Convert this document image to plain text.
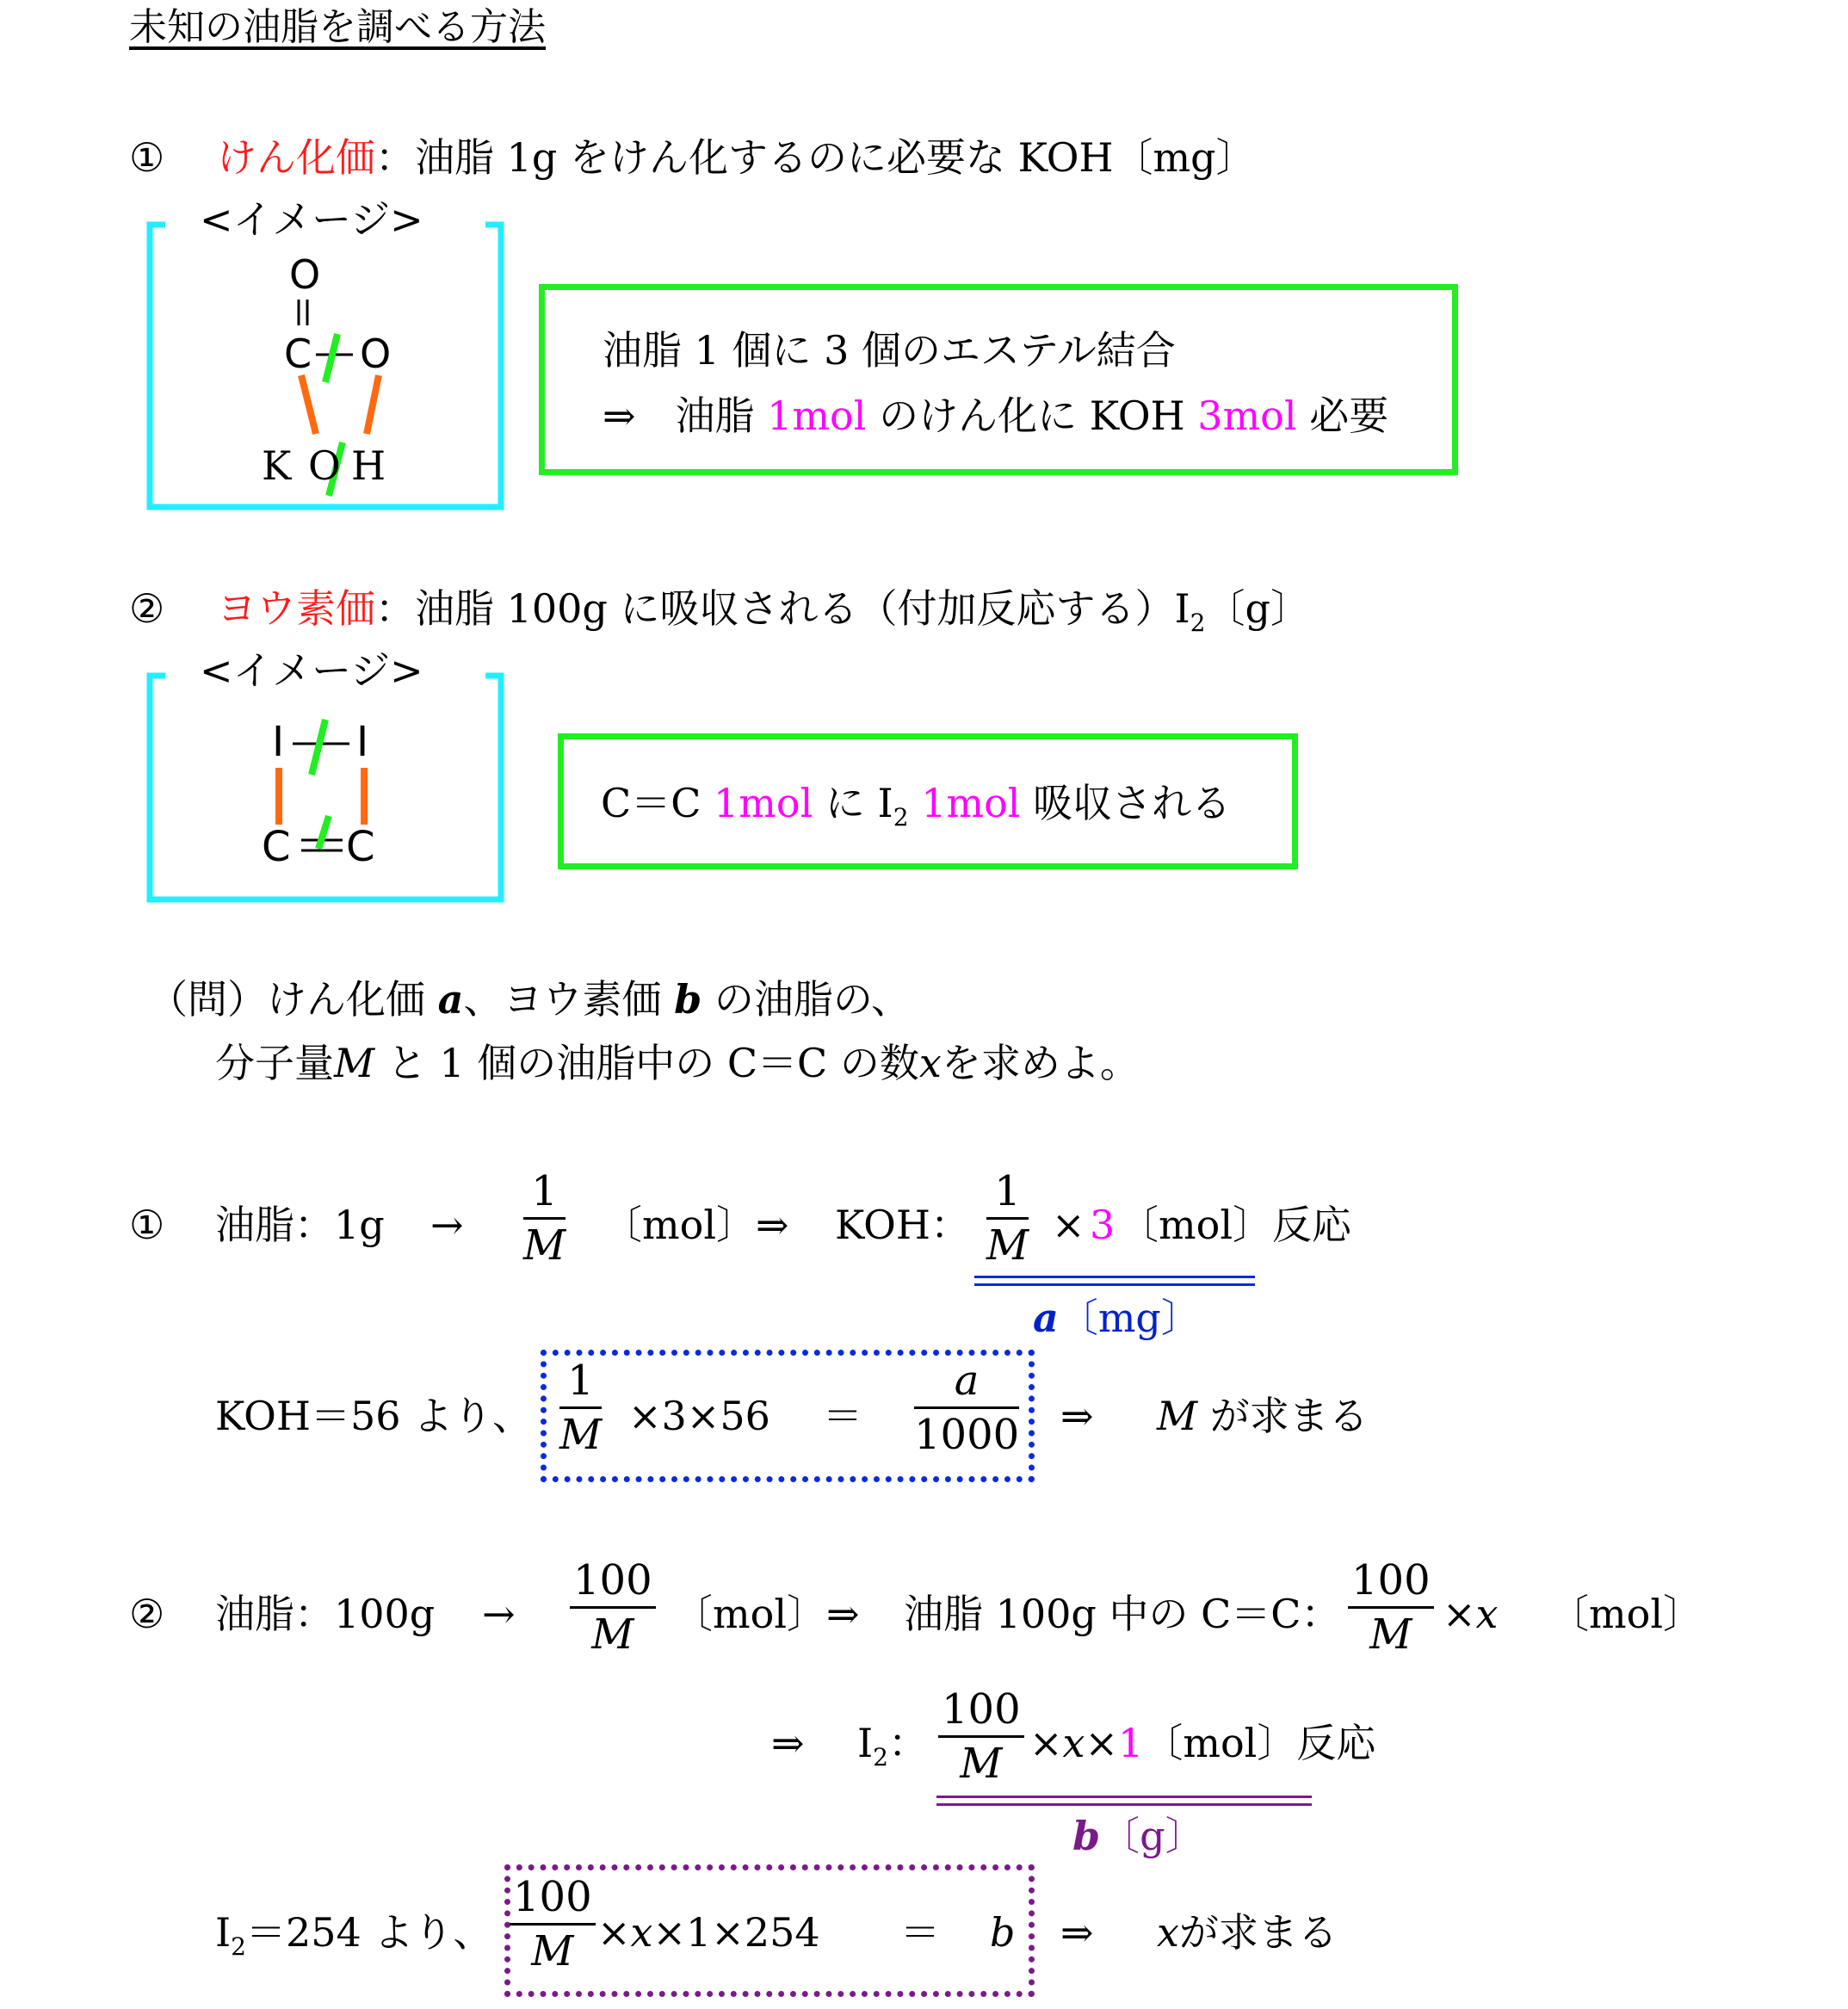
未知の油脂を調べる方法
① けん化価 ：油脂 1g をけん化するのに必要な KOH〔mg〕
<イメージ>
O
C O
K O H
油脂 1 個に 3 個のエステル結合
⇒　油脂 1mol のけん化に KOH 3mol 必要
② ヨウ素価 ：油脂 100g に吸収される（付加反応する）$I_2$〔g〕
<イメージ>
I I
C C
C＝C 1mol に $I_2$ 1mol 吸収される
（問）けん化価 a、ヨウ素価 b の油脂の、
分子量M と 1 個の油脂中の C＝C の数xを求めよ。
① 油脂：1g →
1
M 〔mol〕⇒ KOH：
1
M × 3 〔mol〕反応
a〔mg〕
KOH＝56 より、
1
M ×3×56 ＝
a
1000 ⇒ M が求まる
② 油脂：100g →
100
M 〔mol〕⇒ 油脂 100g 中の C＝C：
100
M ×x 〔mol〕
⇒ $I_2$：
100
M ×x×1〔mol〕反応
b〔g〕
$I_2=254$ より、
100
M ×x×1×254 ＝ b ⇒ xが求まる
